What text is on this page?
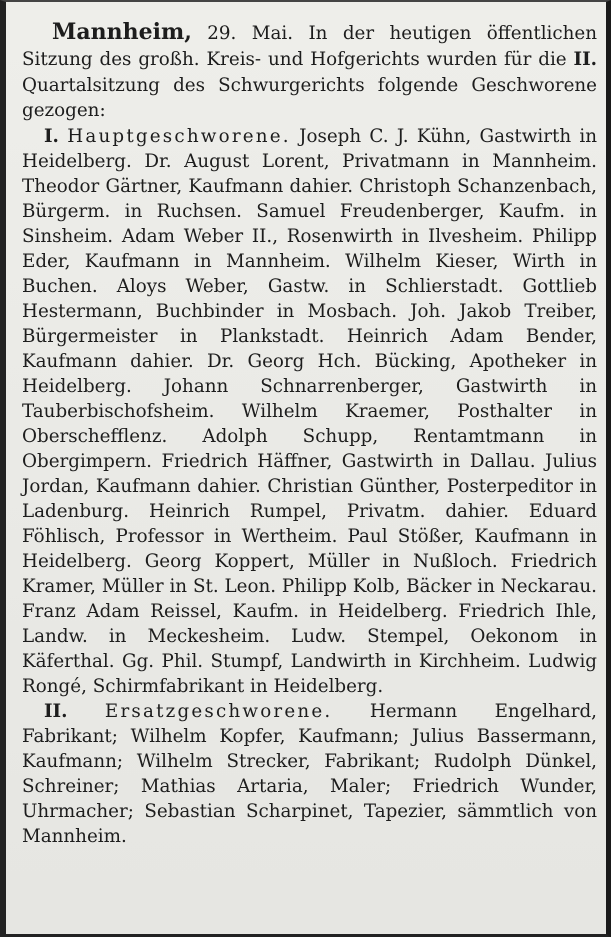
Mannheim, 29. Mai. In der heutigen öffentlichen Sitzung des großh. Kreis- und Hofgerichts wurden für die II. Quartalsitzung des Schwurgerichts folgende Geschworene gezogen:

I. Hauptgeschworene. Joseph C. J. Kühn, Gastwirth in Heidelberg. Dr. August Lorent, Privatmann in Mannheim. Theodor Gärtner, Kaufmann dahier. Christoph Schanzenbach, Bürgerm. in Ruchsen. Samuel Freudenberger, Kaufm. in Sinsheim. Adam Weber II., Rosenwirth in Ilvesheim. Philipp Eder, Kaufmann in Mannheim. Wilhelm Kieser, Wirth in Buchen. Aloys Weber, Gastw. in Schlierstadt. Gottlieb Hestermann, Buchbinder in Mosbach. Joh. Jakob Treiber, Bürgermeister in Plankstadt. Heinrich Adam Bender, Kaufmann dahier. Dr. Georg Hch. Bücking, Apotheker in Heidelberg. Johann Schnarrenberger, Gastwirth in Tauberbischofsheim. Wilhelm Kraemer, Posthalter in Oberschefflenz. Adolph Schupp, Rentamtmann in Obergimpern. Friedrich Häffner, Gastwirth in Dallau. Julius Jordan, Kaufmann dahier. Christian Günther, Posterpeditor in Ladenburg. Heinrich Rumpel, Privatm. dahier. Eduard Föhlisch, Professor in Wertheim. Paul Stößer, Kaufmann in Heidelberg. Georg Koppert, Müller in Nußloch. Friedrich Kramer, Müller in St. Leon. Philipp Kolb, Bäcker in Neckarau. Franz Adam Reissel, Kaufm. in Heidelberg. Friedrich Ihle, Landw. in Meckesheim. Ludw. Stempel, Oekonom in Käferthal. Gg. Phil. Stumpf, Landwirth in Kirchheim. Ludwig Rongé, Schirmfabrikant in Heidelberg.

II. Ersatzgeschworene. Hermann Engelhard, Fabrikant; Wilhelm Kopfer, Kaufmann; Julius Bassermann, Kaufmann; Wilhelm Strecker, Fabrikant; Rudolph Dünkel, Schreiner; Mathias Artaria, Maler; Friedrich Wunder, Uhrmacher; Sebastian Scharpinet, Tapezier, sämmtlich von Mannheim.
